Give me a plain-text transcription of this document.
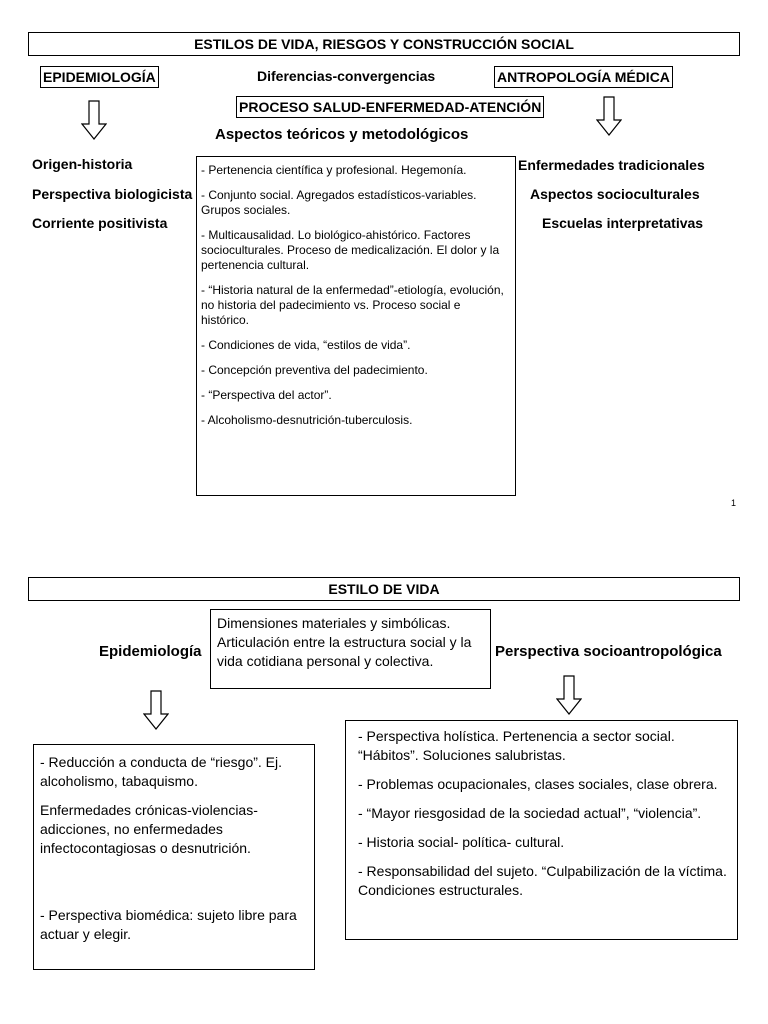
ESTILOS DE VIDA, RIESGOS Y CONSTRUCCIÓN SOCIAL
EPIDEMIOLOGÍA	Diferencias-convergencias	ANTROPOLOGÍA MÉDICA
PROCESO SALUD-ENFERMEDAD-ATENCIÓN
Aspectos teóricos y metodológicos
Origen-historia
Perspectiva biologicista
Corriente positivista
Enfermedades tradicionales
Aspectos socioculturales
Escuelas interpretativas

- Pertenencia científica y profesional. Hegemonía.

- Conjunto social. Agregados estadísticos-variables. Grupos sociales.

- Multicausalidad. Lo biológico-ahistórico. Factores socioculturales. Proceso de medicalización. El dolor y la pertenencia cultural.

- “Historia natural de la enfermedad”-etiología, evolución, no historia del padecimiento vs. Proceso social e histórico.

- Condiciones de vida, “estilos de vida”.

- Concepción preventiva del padecimiento.

- “Perspectiva del actor”.

- Alcoholismo-desnutrición-tuberculosis.

1
ESTILO DE VIDA
Dimensiones materiales y simbólicas. Articulación entre la estructura social y la vida cotidiana personal y colectiva.
Epidemiología	Perspectiva socioantropológica

- Reducción a conducta de “riesgo”. Ej. alcoholismo, tabaquismo.

Enfermedades crónicas-violencias-adicciones, no enfermedades infectocontagiosas o desnutrición.

- Perspectiva biomédica: sujeto libre para actuar y elegir.

- Perspectiva holística. Pertenencia a sector social. “Hábitos”. Soluciones salubristas.

- Problemas ocupacionales, clases sociales, clase obrera.

- “Mayor riesgosidad de la sociedad actual”, “violencia”.

- Historia social- política- cultural.

- Responsabilidad del sujeto. “Culpabilización de la víctima. Condiciones estructurales.
